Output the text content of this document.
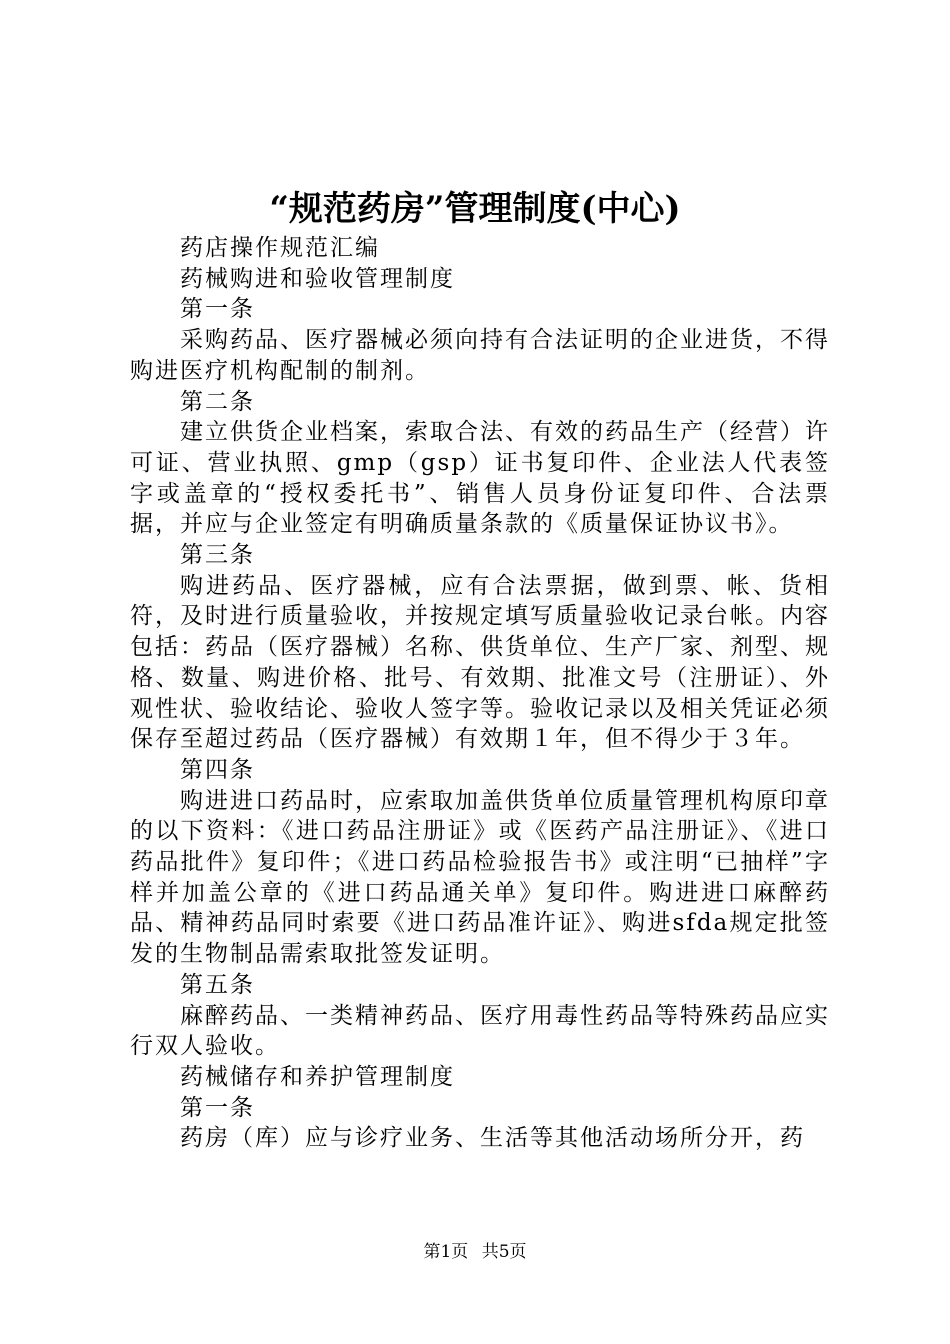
“规范药房”管理制度(中心)

药店操作规范汇编

药械购进和验收管理制度

第一条

采购药品、医疗器械必须向持有合法证明的企业进货，不得购进医疗机构配制的制剂。

第二条

建立供货企业档案，索取合法、有效的药品生产（经营）许可证、营业执照、gmp（gsp）证书复印件、企业法人代表签字或盖章的“授权委托书”、销售人员身份证复印件、合法票据，并应与企业签定有明确质量条款的《质量保证协议书》。

第三条

购进药品、医疗器械，应有合法票据，做到票、帐、货相符，及时进行质量验收，并按规定填写质量验收记录台帐。内容包括：药品（医疗器械）名称、供货单位、生产厂家、剂型、规格、数量、购进价格、批号、有效期、批准文号（注册证）、外观性状、验收结论、验收人签字等。验收记录以及相关凭证必须保存至超过药品（医疗器械）有效期１年，但不得少于３年。

第四条

购进进口药品时，应索取加盖供货单位质量管理机构原印章的以下资料：《进口药品注册证》或《医药产品注册证》、《进口药品批件》复印件；《进口药品检验报告书》或注明“已抽样”字样并加盖公章的《进口药品通关单》复印件。购进进口麻醉药品、精神药品同时索要《进口药品准许证》、购进sfda规定批签发的生物制品需索取批签发证明。

第五条

麻醉药品、一类精神药品、医疗用毒性药品等特殊药品应实行双人验收。

药械储存和养护管理制度

第一条

药房（库）应与诊疗业务、生活等其他活动场所分开，药

第1页 共5页
